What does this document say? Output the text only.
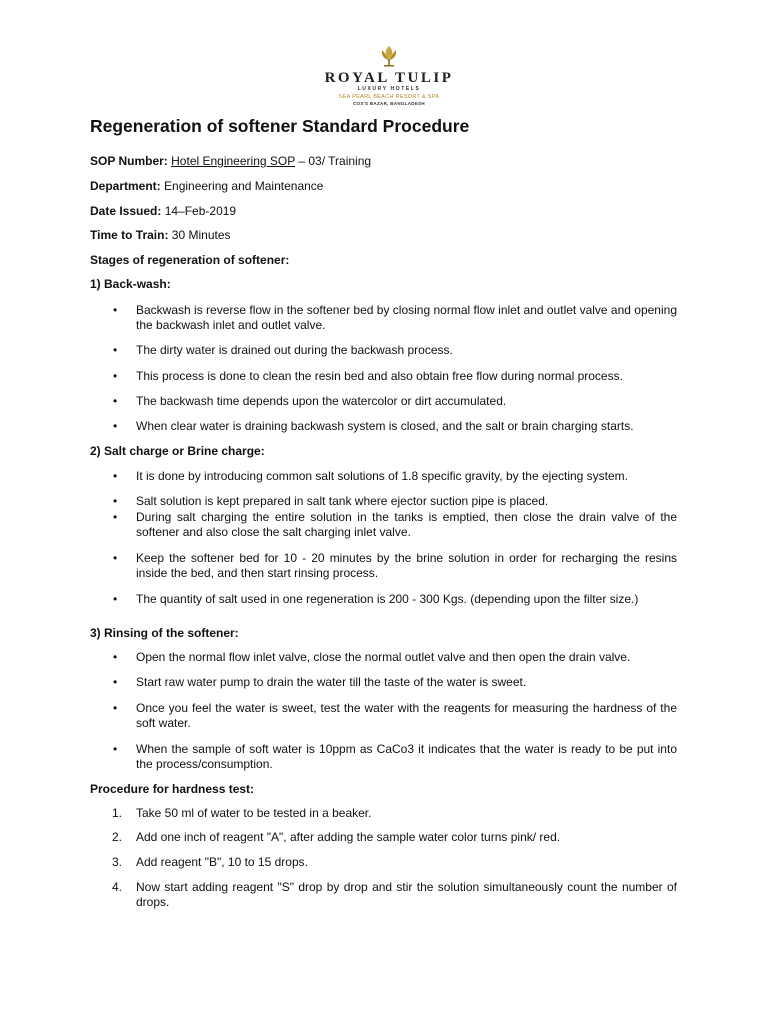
ROYAL TULIP
LUXURY HOTELS
SEA PEARL BEACH RESORT & SPA
COX'S BAZAR, BANGLADESH
Regeneration of softener Standard Procedure
SOP Number: Hotel Engineering SOP – 03/ Training
Department: Engineering and Maintenance
Date Issued: 14–Feb-2019
Time to Train: 30 Minutes
Stages of regeneration of softener:
1) Back-wash:
• Backwash is reverse flow in the softener bed by closing normal flow inlet and outlet valve and opening the backwash inlet and outlet valve.
• The dirty water is drained out during the backwash process.
• This process is done to clean the resin bed and also obtain free flow during normal process.
• The backwash time depends upon the watercolor or dirt accumulated.
• When clear water is draining backwash system is closed, and the salt or brain charging starts.
2) Salt charge or Brine charge:
• It is done by introducing common salt solutions of 1.8 specific gravity, by the ejecting system.
• Salt solution is kept prepared in salt tank where ejector suction pipe is placed.
• During salt charging the entire solution in the tanks is emptied, then close the drain valve of the softener and also close the salt charging inlet valve.
• Keep the softener bed for 10 - 20 minutes by the brine solution in order for recharging the resins inside the bed, and then start rinsing process.
• The quantity of salt used in one regeneration is 200 - 300 Kgs. (depending upon the filter size.)
3) Rinsing of the softener:
• Open the normal flow inlet valve, close the normal outlet valve and then open the drain valve.
• Start raw water pump to drain the water till the taste of the water is sweet.
• Once you feel the water is sweet, test the water with the reagents for measuring the hardness of the soft water.
• When the sample of soft water is 10ppm as CaCo3 it indicates that the water is ready to be put into the process/consumption.
Procedure for hardness test:
1. Take 50 ml of water to be tested in a beaker.
2. Add one inch of reagent "A", after adding the sample water color turns pink/ red.
3. Add reagent "B", 10 to 15 drops.
4. Now start adding reagent "S" drop by drop and stir the solution simultaneously count the number of drops.
